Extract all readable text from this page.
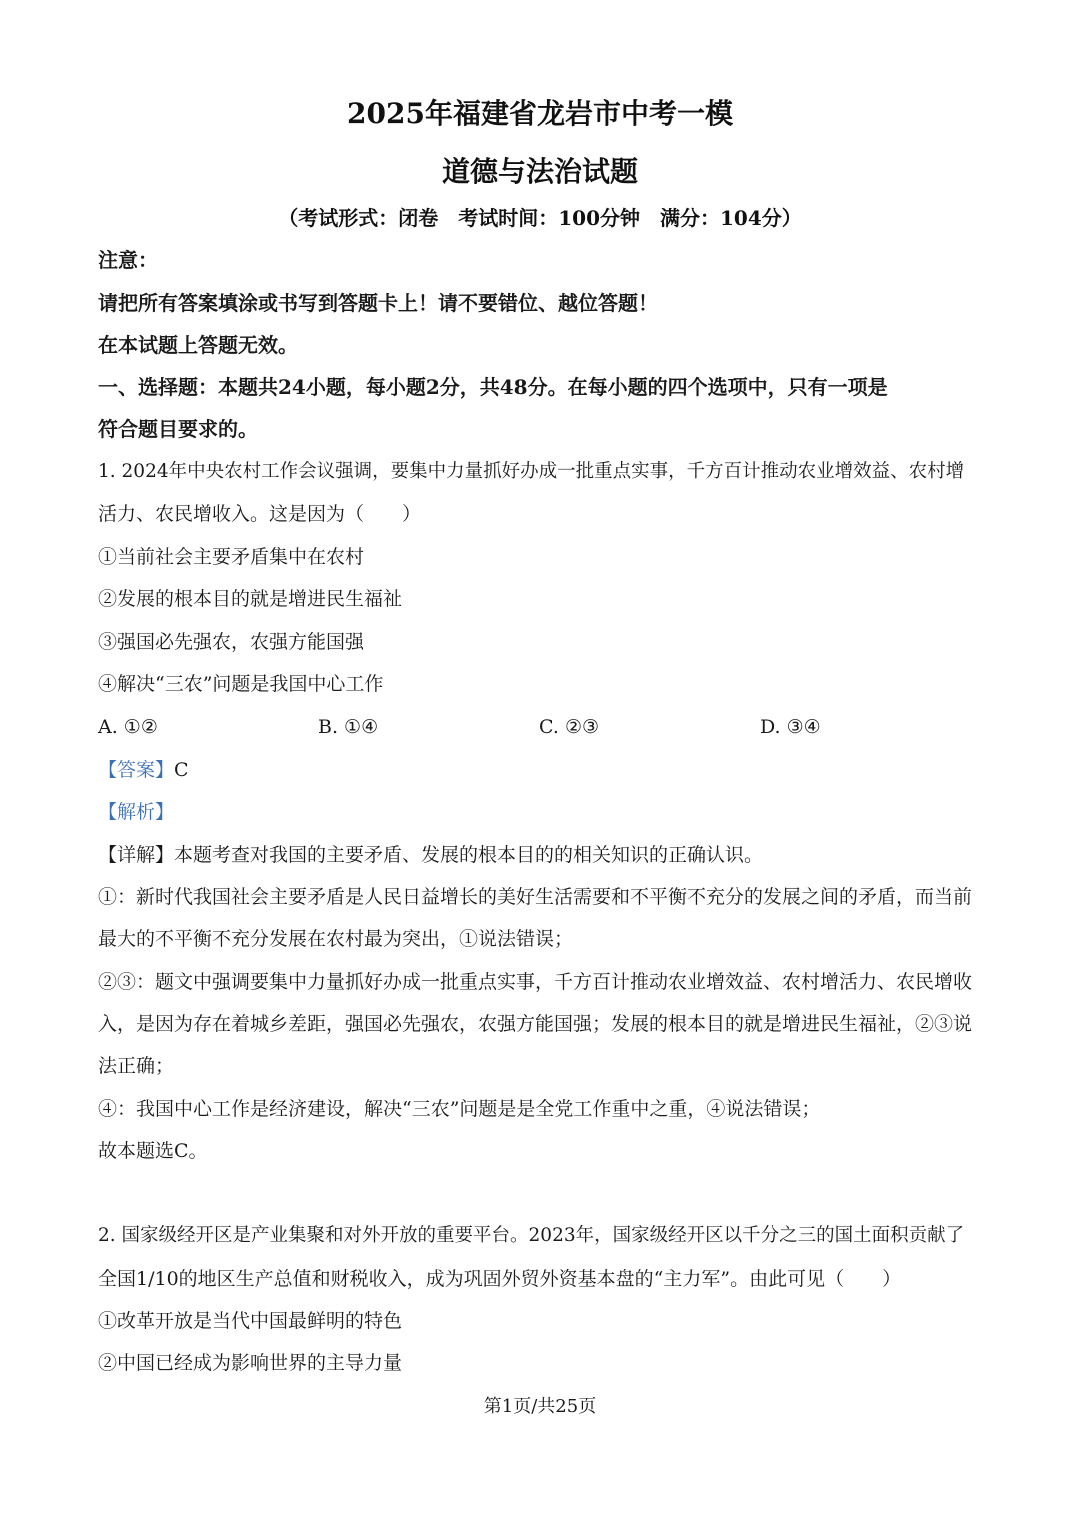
2025年福建省龙岩市中考一模
道德与法治试题
（考试形式：闭卷　考试时间：100分钟　满分：104分）
注意：
请把所有答案填涂或书写到答题卡上！请不要错位、越位答题！
在本试题上答题无效。
一、选择题：本题共24小题，每小题2分，共48分。在每小题的四个选项中，只有一项是
符合题目要求的。
1. 2024年中央农村工作会议强调，要集中力量抓好办成一批重点实事，千方百计推动农业增效益、农村增
活力、农民增收入。这是因为（　　）
①当前社会主要矛盾集中在农村
②发展的根本目的就是增进民生福祉
③强国必先强农，农强方能国强
④解决“三农”问题是我国中心工作
A. ①②	B. ①④	C. ②③	D. ③④
【答案】C
【解析】
【详解】本题考查对我国的主要矛盾、发展的根本目的的相关知识的正确认识。
①：新时代我国社会主要矛盾是人民日益增长的美好生活需要和不平衡不充分的发展之间的矛盾，而当前
最大的不平衡不充分发展在农村最为突出，①说法错误；
②③：题文中强调要集中力量抓好办成一批重点实事，千方百计推动农业增效益、农村增活力、农民增收
入，是因为存在着城乡差距，强国必先强农，农强方能国强；发展的根本目的就是增进民生福祉，②③说
法正确；
④：我国中心工作是经济建设，解决“三农”问题是是全党工作重中之重，④说法错误；
故本题选C。
2. 国家级经开区是产业集聚和对外开放的重要平台。2023年，国家级经开区以千分之三的国土面积贡献了
全国1/10的地区生产总值和财税收入，成为巩固外贸外资基本盘的“主力军”。由此可见（　　）
①改革开放是当代中国最鲜明的特色
②中国已经成为影响世界的主导力量
第1页/共25页
